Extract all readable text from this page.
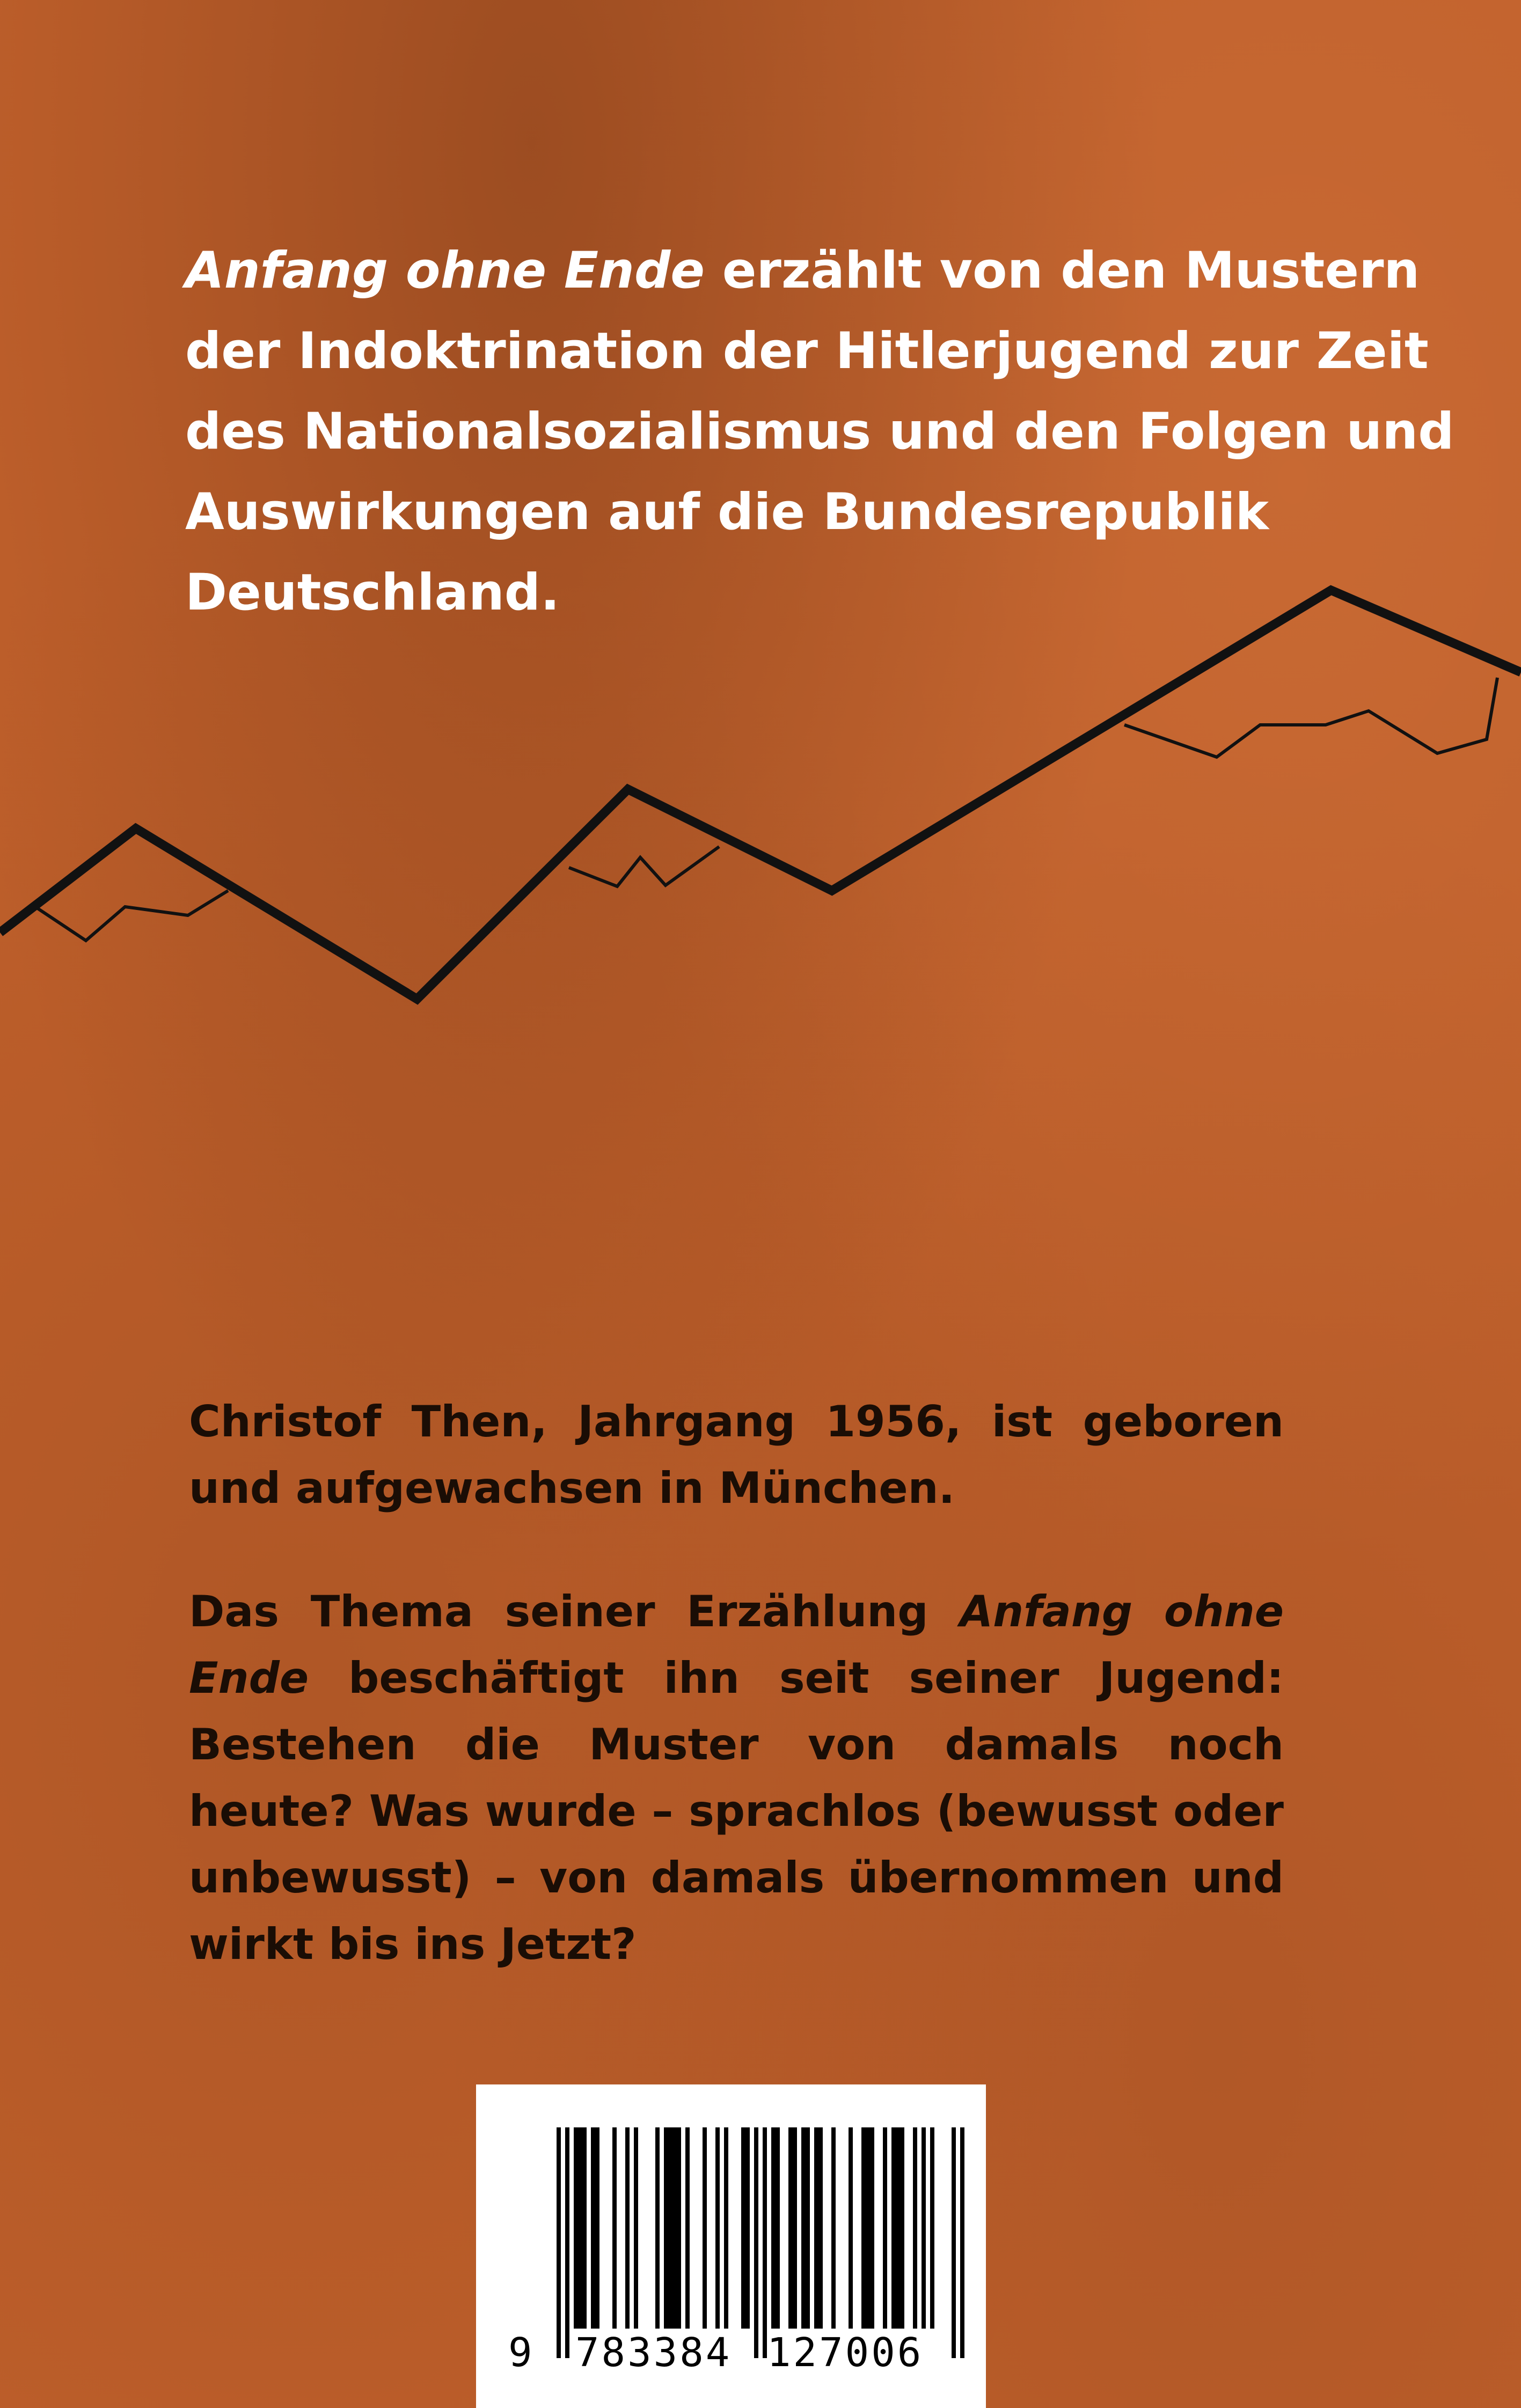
Anfang ohne Ende erzählt von den Mustern der Indoktrination der Hitlerjugend zur Zeit des Nationalsozialismus und den Folgen und Auswirkungen auf die Bundesrepublik Deutschland.

Christof Then, Jahrgang 1956, ist geboren und aufgewachsen in München.

Das Thema seiner Erzählung Anfang ohne Ende beschäftigt ihn seit seiner Jugend: Bestehen die Muster von damals noch heute? Was wurde – sprachlos (bewusst oder unbewusst) – von damals übernommen und wirkt bis ins Jetzt?

9 783384 127006
